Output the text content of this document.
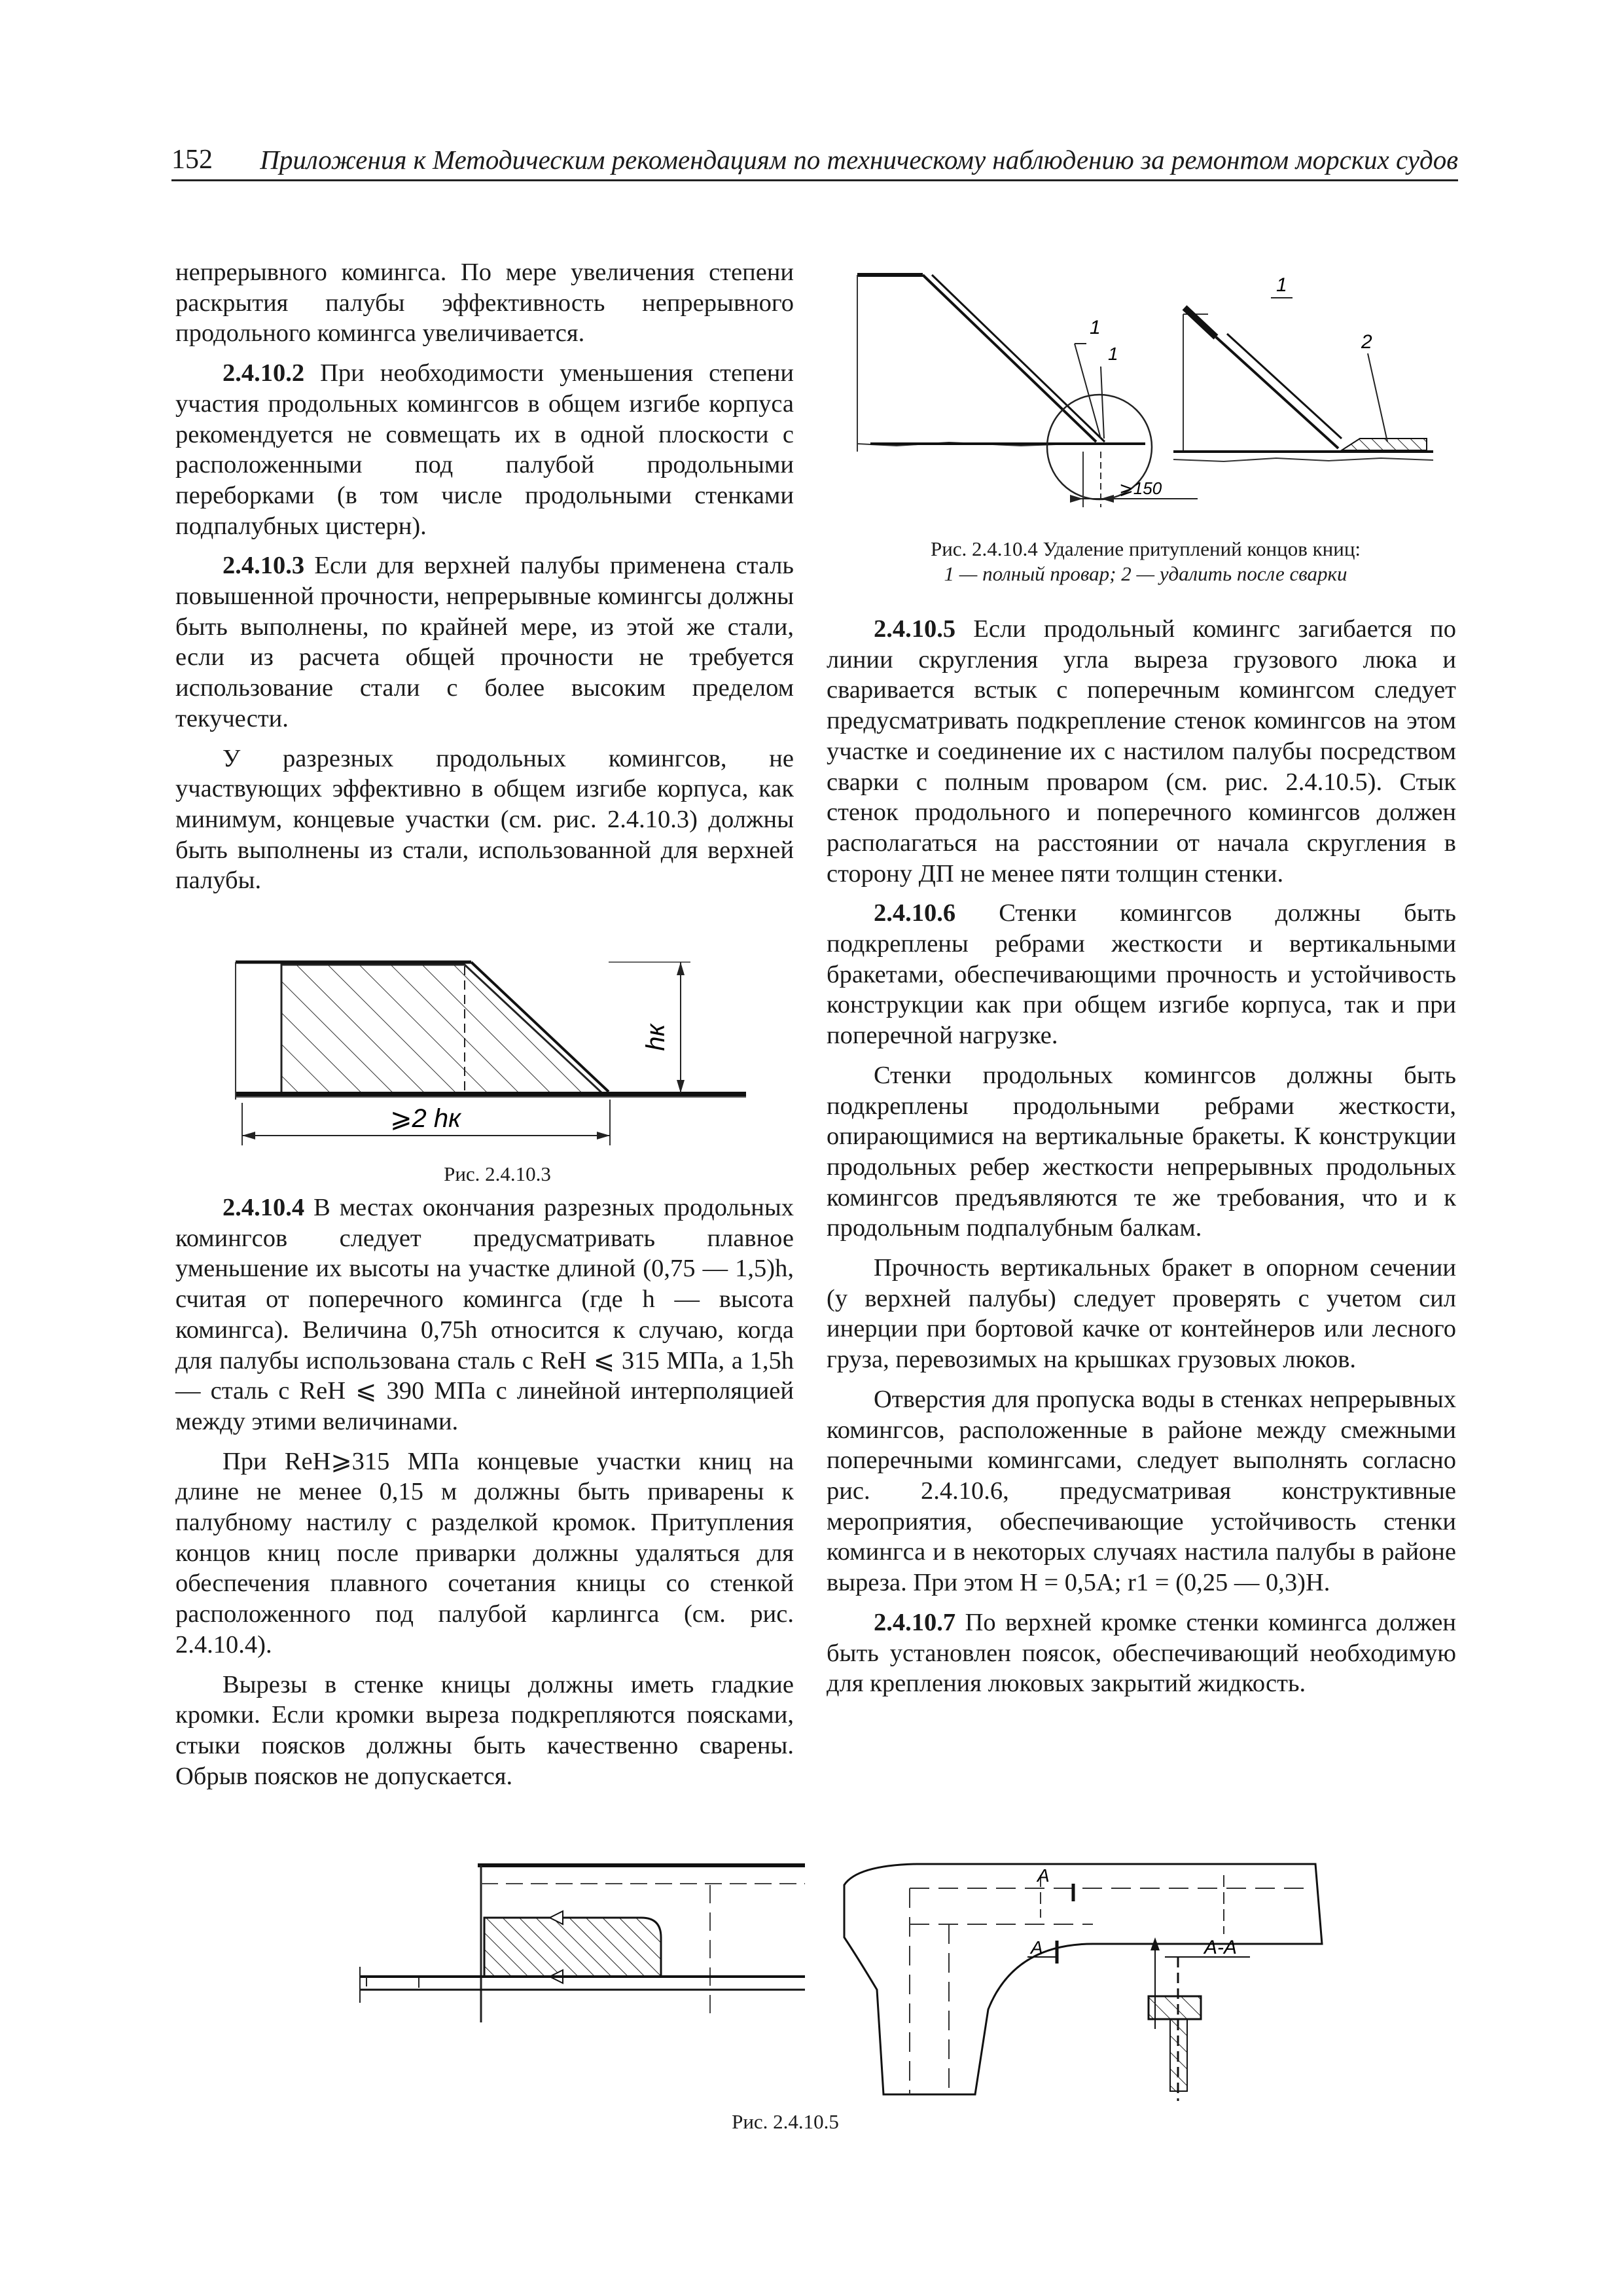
152 Приложения к Методическим рекомендациям по техническому наблюдению за ремонтом морских судов

непрерывного комингса. По мере увеличения степени раскрытия палубы эффективность непрерывного продольного комингса увеличивается.

2.4.10.2 При необходимости уменьшения степени участия продольных комингсов в общем изгибе корпуса рекомендуется не совмещать их в одной плоскости с расположенными под палубой продольными переборками (в том числе продольными стенками подпалубных цистерн).

2.4.10.3 Если для верхней палубы применена сталь повышенной прочности, непрерывные комингсы должны быть выполнены, по крайней мере, из этой же стали, если из расчета общей прочности не требуется использование стали с более высоким пределом текучести.

У разрезных продольных комингсов, не участвующих эффективно в общем изгибе корпуса, как минимум, концевые участки (см. рис. 2.4.10.3) должны быть выполнены из стали, использованной для верхней палубы.

hк
⩾2 hк
Рис. 2.4.10.3

2.4.10.4 В местах окончания разрезных продольных комингсов следует предусматривать плавное уменьшение их высоты на участке длиной (0,75 — 1,5)h, считая от поперечного комингса (где h — высота комингса). Величина 0,75h относится к случаю, когда для палубы использована сталь с ReH ⩽ 315 МПа, а 1,5h — сталь с ReH ⩽ 390 МПа с линейной интерполяцией между этими величинами.

При ReH⩾315 МПа концевые участки книц на длине не менее 0,15 м должны быть приварены к палубному настилу с разделкой кромок. Притупления концов книц после приварки должны удаляться для обеспечения плавного сочетания кницы со стенкой расположенного под палубой карлингса (см. рис. 2.4.10.4).

Вырезы в стенке кницы должны иметь гладкие кромки. Если кромки выреза подкрепляются поясками, стыки поясков должны быть качественно сварены. Обрыв поясков не допускается.

1
1
⩾150
1
2
Рис. 2.4.10.4 Удаление притуплений концов книц:
1 — полный провар; 2 — удалить после сварки

2.4.10.5 Если продольный комингс загибается по линии скругления угла выреза грузового люка и сваривается встык с поперечным комингсом следует предусматривать подкрепление стенок комингсов на этом участке и соединение их с настилом палубы посредством сварки с полным проваром (см. рис. 2.4.10.5). Стык стенок продольного и поперечного комингсов должен располагаться на расстоянии от начала скругления в сторону ДП не менее пяти толщин стенки.

2.4.10.6 Стенки комингсов должны быть подкреплены ребрами жесткости и вертикальными бракетами, обеспечивающими прочность и устойчивость конструкции как при общем изгибе корпуса, так и при поперечной нагрузке.

Стенки продольных комингсов должны быть подкреплены продольными ребрами жесткости, опирающимися на вертикальные бракеты. К конструкции продольных ребер жесткости непрерывных продольных комингсов предъявляются те же требования, что и к продольным подпалубным балкам.

Прочность вертикальных бракет в опорном сечении (у верхней палубы) следует проверять с учетом сил инерции при бортовой качке от контейнеров или лесного груза, перевозимых на крышках грузовых люков.

Отверстия для пропуска воды в стенках непрерывных комингсов, расположенные в районе между смежными поперечными комингсами, следует выполнять согласно рис. 2.4.10.6, предусматривая конструктивные мероприятия, обеспечивающие устойчивость стенки комингса и в некоторых случаях настила палубы в районе выреза. При этом H = 0,5A; r1 = (0,25 — 0,3)H.

2.4.10.7 По верхней кромке стенки комингса должен быть установлен поясок, обеспечивающий необходимую для крепления люковых закрытий жидкость.

А
А	А-А
Рис. 2.4.10.5
